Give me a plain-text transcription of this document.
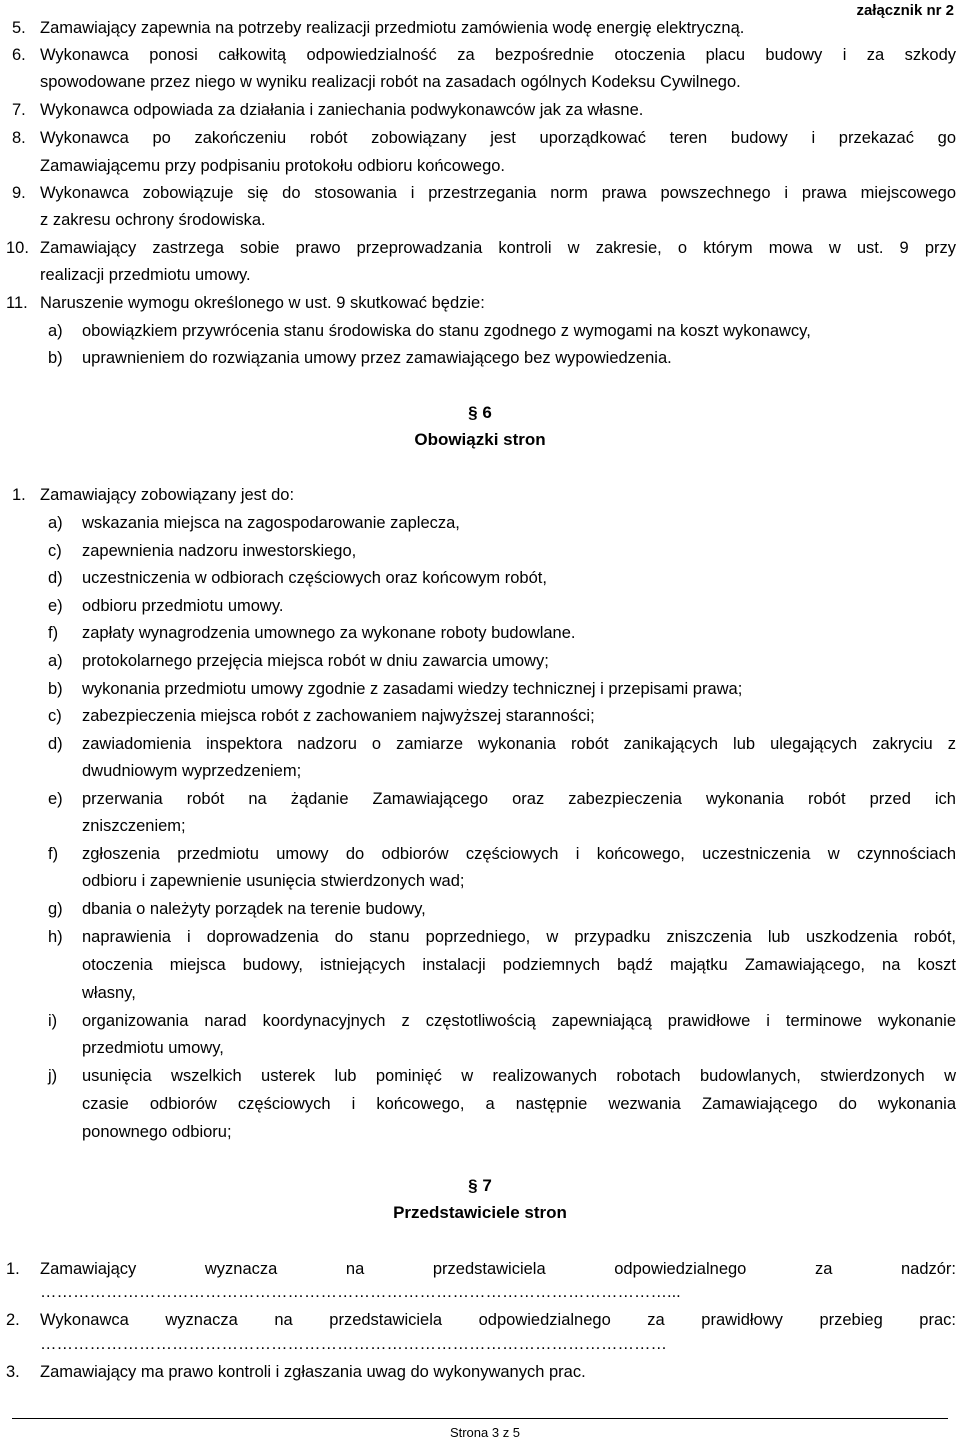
załącznik nr 2
5. Zamawiający zapewnia na potrzeby realizacji przedmiotu zamówienia wodę energię elektryczną.
6. Wykonawca ponosi całkowitą odpowiedzialność za bezpośrednie otoczenia placu budowy i za szkody
spowodowane przez niego w wyniku realizacji robót na zasadach ogólnych Kodeksu Cywilnego.
7. Wykonawca odpowiada za działania i zaniechania podwykonawców jak za własne.
8. Wykonawca po zakończeniu robót zobowiązany jest uporządkować teren budowy i przekazać go
Zamawiającemu przy podpisaniu protokołu odbioru końcowego.
9. Wykonawca zobowiązuje się do stosowania i przestrzegania norm prawa powszechnego i prawa miejscowego
z zakresu ochrony środowiska.
10. Zamawiający zastrzega sobie prawo przeprowadzania kontroli w zakresie, o którym mowa w ust. 9 przy
realizacji przedmiotu umowy.
11. Naruszenie wymogu określonego w ust. 9 skutkować będzie:
a) obowiązkiem przywrócenia stanu środowiska do stanu zgodnego z wymogami na koszt wykonawcy,
b) uprawnieniem do rozwiązania umowy przez zamawiającego bez wypowiedzenia.
§ 6
Obowiązki stron
1. Zamawiający zobowiązany jest do:
a) wskazania miejsca na zagospodarowanie zaplecza,
c) zapewnienia nadzoru inwestorskiego,
d) uczestniczenia w odbiorach częściowych oraz końcowym robót,
e) odbioru przedmiotu umowy.
f) zapłaty wynagrodzenia umownego za wykonane roboty budowlane.
a) protokolarnego przejęcia miejsca robót w dniu zawarcia umowy;
b) wykonania przedmiotu umowy zgodnie z zasadami wiedzy technicznej i przepisami prawa;
c) zabezpieczenia miejsca robót z zachowaniem najwyższej staranności;
d) zawiadomienia inspektora nadzoru o zamiarze wykonania robót zanikających lub ulegających zakryciu z
dwudniowym wyprzedzeniem;
e) przerwania robót na żądanie Zamawiającego oraz zabezpieczenia wykonania robót przed ich
zniszczeniem;
f) zgłoszenia przedmiotu umowy do odbiorów częściowych i końcowego, uczestniczenia w czynnościach
odbioru i zapewnienie usunięcia stwierdzonych wad;
g) dbania o należyty porządek na terenie budowy,
h) naprawienia i doprowadzenia do stanu poprzedniego, w przypadku zniszczenia lub uszkodzenia robót,
otoczenia miejsca budowy, istniejących instalacji podziemnych bądź majątku Zamawiającego, na koszt
własny,
i) organizowania narad koordynacyjnych z częstotliwością zapewniającą prawidłowe i terminowe wykonanie
przedmiotu umowy,
j) usunięcia wszelkich usterek lub pominięć w realizowanych robotach budowlanych, stwierdzonych w
czasie odbiorów częściowych i końcowego, a następnie wezwania Zamawiającego do wykonania
ponownego odbioru;
§ 7
Przedstawiciele stron
1. Zamawiający wyznacza na przedstawiciela odpowiedzialnego za nadzór:
……………………………………………………………………………………………………...
2. Wykonawca wyznacza na przedstawiciela odpowiedzialnego za prawidłowy przebieg prac:
……………………………………………………………………………………………………
3. Zamawiający ma prawo kontroli i zgłaszania uwag do wykonywanych prac.
Strona 3 z 5
